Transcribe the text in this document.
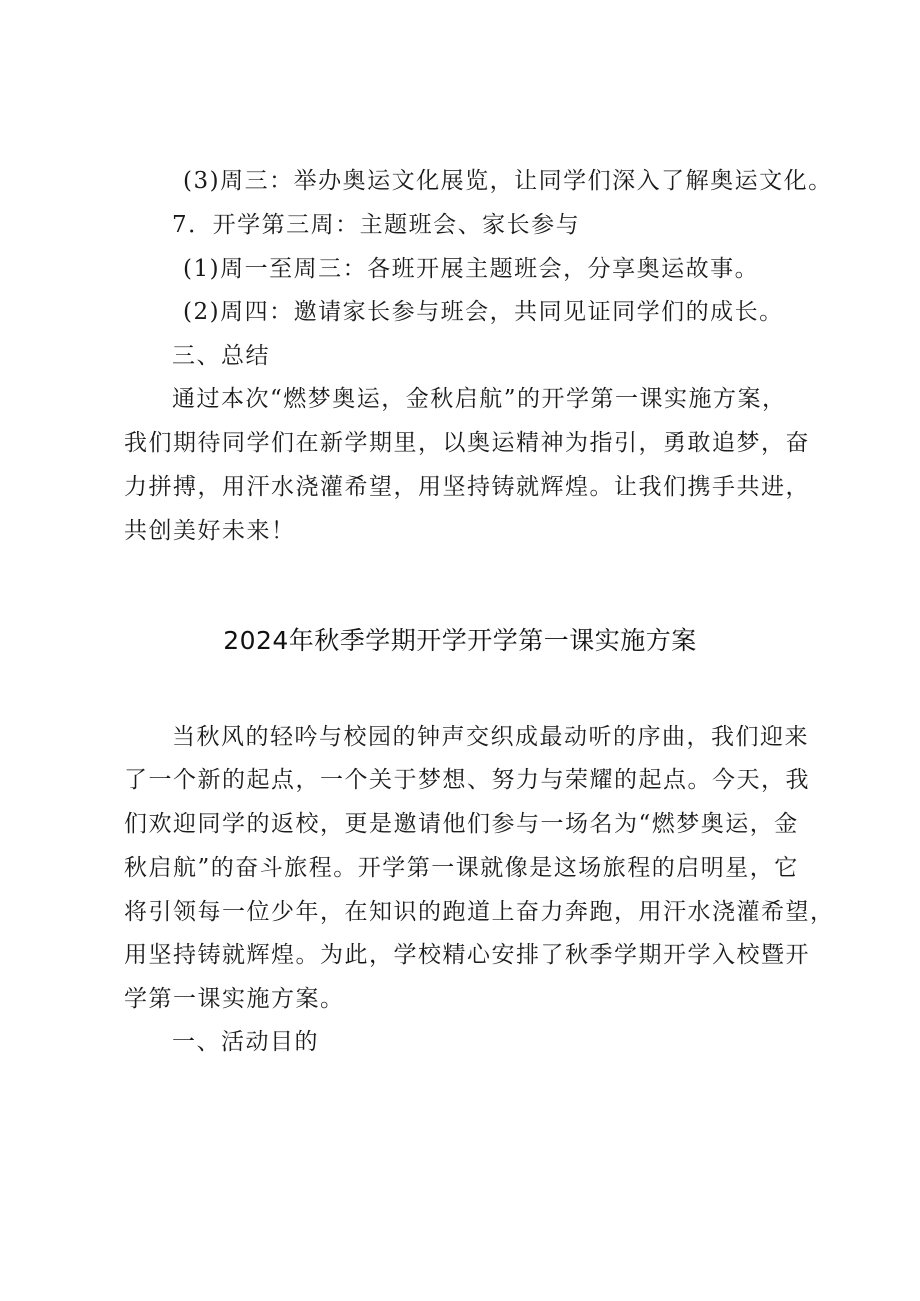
(3)周三：举办奥运文化展览，让同学们深入了解奥运文化。
7．开学第三周：主题班会、家长参与
(1)周一至周三：各班开展主题班会，分享奥运故事。
(2)周四：邀请家长参与班会，共同见证同学们的成长。
三、总结
通过本次“燃梦奥运，金秋启航”的开学第一课实施方案，
我们期待同学们在新学期里，以奥运精神为指引，勇敢追梦，奋
力拼搏，用汗水浇灌希望，用坚持铸就辉煌。让我们携手共进，
共创美好未来！
2024年秋季学期开学开学第一课实施方案
当秋风的轻吟与校园的钟声交织成最动听的序曲，我们迎来
了一个新的起点，一个关于梦想、努力与荣耀的起点。今天，我
们欢迎同学的返校，更是邀请他们参与一场名为“燃梦奥运，金
秋启航”的奋斗旅程。开学第一课就像是这场旅程的启明星，它
将引领每一位少年，在知识的跑道上奋力奔跑，用汗水浇灌希望，
用坚持铸就辉煌。为此，学校精心安排了秋季学期开学入校暨开
学第一课实施方案。
一、活动目的
